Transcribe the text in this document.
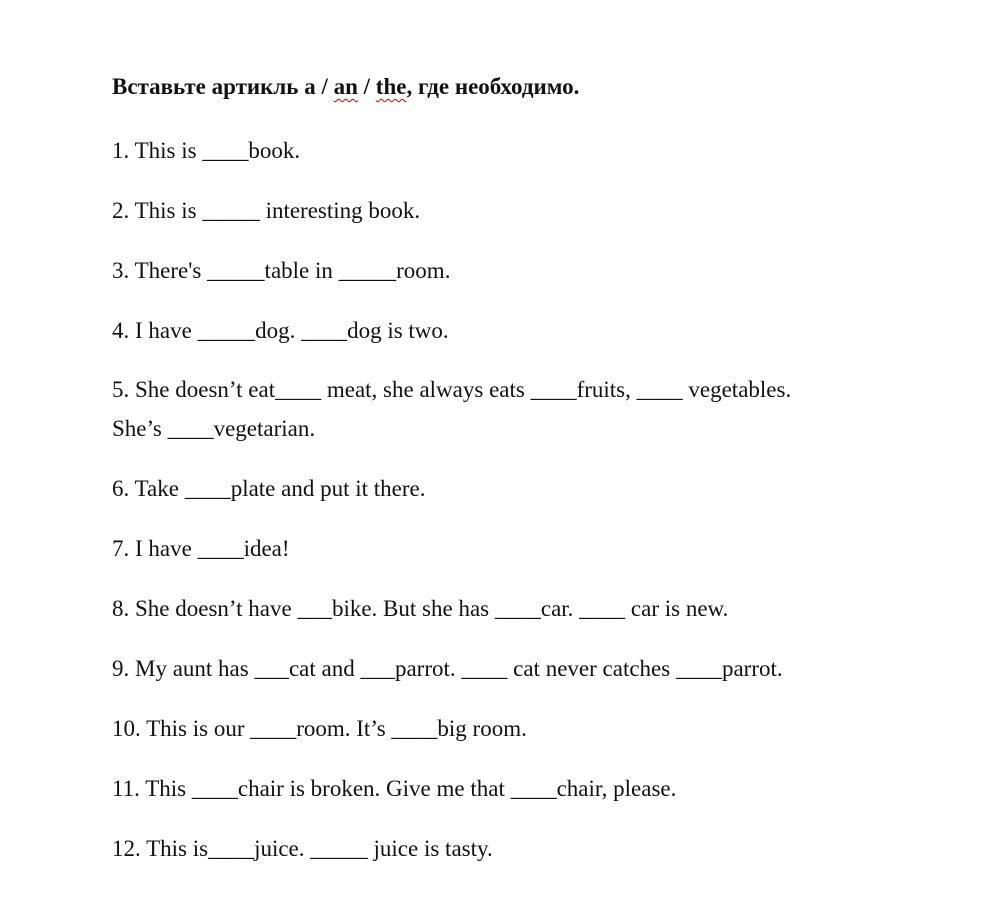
Вставьте артикль a / an / the, где необходимо.
1. This is ____book.
2. This is _____ interesting book.
3. There's _____table in _____room.
4. I have _____dog. ____dog is two.
5. She doesn’t eat____ meat, she always eats ____fruits, ____ vegetables.
She’s ____vegetarian.
6. Take ____plate and put it there.
7. I have ____idea!
8. She doesn’t have ___bike. But she has ____car. ____ car is new.
9. My aunt has ___cat and ___parrot. ____ cat never catches ____parrot.
10. This is our ____room. It’s ____big room.
11. This ____chair is broken. Give me that ____chair, please.
12. This is____juice. _____ juice is tasty.
